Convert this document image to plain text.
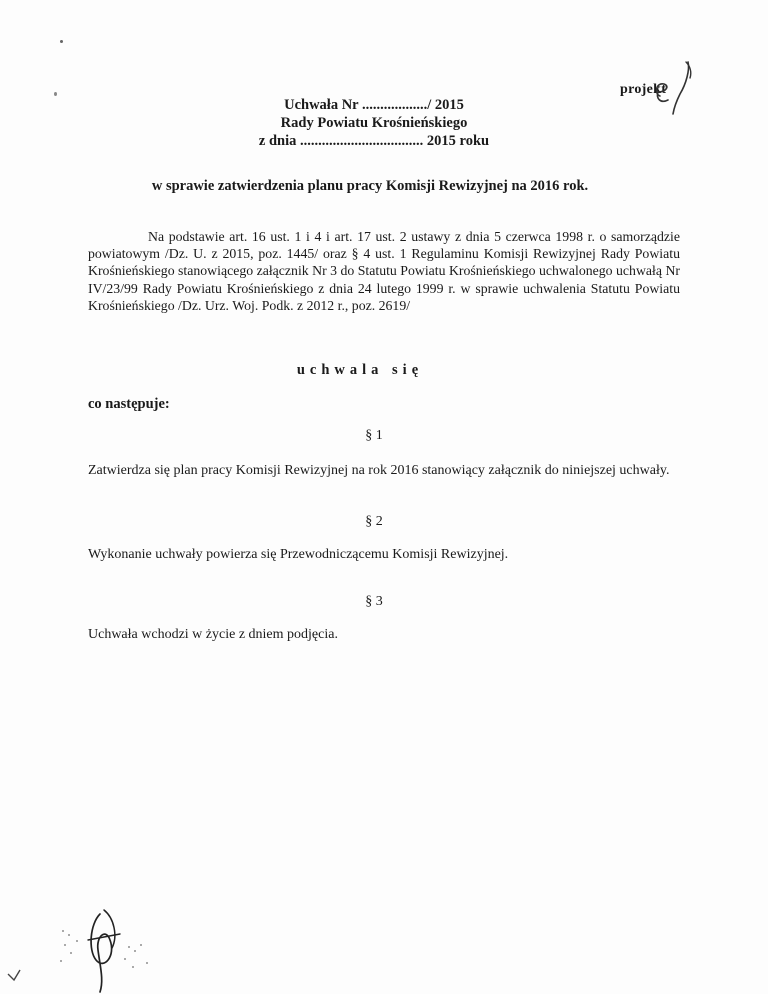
projekt
Uchwała Nr ................../ 2015
Rady Powiatu Krośnieńskiego
z dnia .................................. 2015 roku
w sprawie zatwierdzenia planu pracy Komisji Rewizyjnej na 2016 rok.

Na podstawie art. 16 ust. 1 i 4 i art. 17 ust. 2 ustawy z dnia 5 czerwca 1998 r. o samorządzie powiatowym /Dz. U. z 2015, poz. 1445/ oraz § 4 ust. 1 Regulaminu Komisji Rewizyjnej Rady Powiatu Krośnieńskiego stanowiącego załącznik Nr 3 do Statutu Powiatu Krośnieńskiego uchwalonego uchwałą Nr IV/23/99 Rady Powiatu Krośnieńskiego z dnia 24 lutego 1999 r. w sprawie uchwalenia Statutu Powiatu Krośnieńskiego /Dz. Urz. Woj. Podk. z 2012 r., poz. 2619/

uchwala się
co następuje:
§ 1
Zatwierdza się plan pracy Komisji Rewizyjnej na rok 2016 stanowiący załącznik do niniejszej uchwały.
§ 2
Wykonanie uchwały powierza się Przewodniczącemu Komisji Rewizyjnej.
§ 3
Uchwała wchodzi w życie z dniem podjęcia.
